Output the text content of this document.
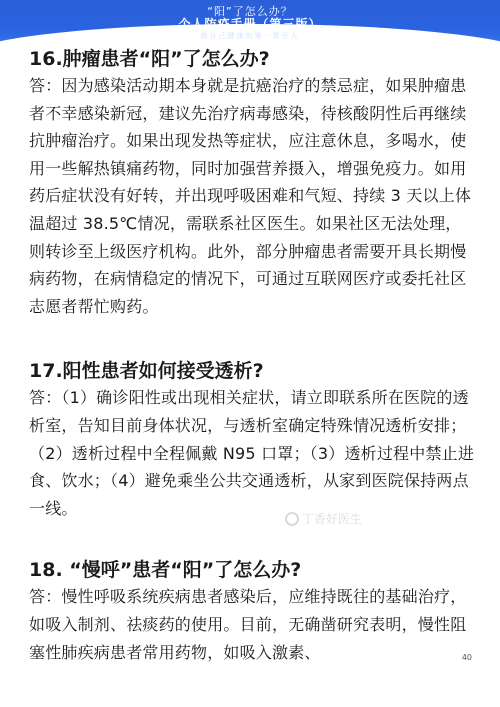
“阳”了怎么办？
个人防疫手册（第三版）
做自己健康的第一责任人
16.肿瘤患者“阳”了怎么办?

答：因为感染活动期本身就是抗癌治疗的禁忌症，如果肿瘤患者不幸感染新冠，建议先治疗病毒感染，待核酸阴性后再继续抗肿瘤治疗。如果出现发热等症状，应注意休息，多喝水，使用一些解热镇痛药物，同时加强营养摄入，增强免疫力。如用药后症状没有好转，并出现呼吸困难和气短、持续 3 天以上体温超过 38.5℃情况，需联系社区医生。如果社区无法处理，则转诊至上级医疗机构。此外，部分肿瘤患者需要开具长期慢病药物，在病情稳定的情况下，可通过互联网医疗或委托社区志愿者帮忙购药。

17.阳性患者如何接受透析?

答：（1）确诊阳性或出现相关症状，请立即联系所在医院的透析室，告知目前身体状况，与透析室确定特殊情况透析安排；（2）透析过程中全程佩戴 N95 口罩；（3）透析过程中禁止进食、饮水；（4）避免乘坐公共交通透析，从家到医院保持两点一线。

18. “慢呼”患者“阳”了怎么办?

答：慢性呼吸系统疾病患者感染后，应维持既往的基础治疗，如吸入制剂、祛痰药的使用。目前，无确凿研究表明，慢性阻塞性肺疾病患者常用药物，如吸入激素、

丁香好医生
40
